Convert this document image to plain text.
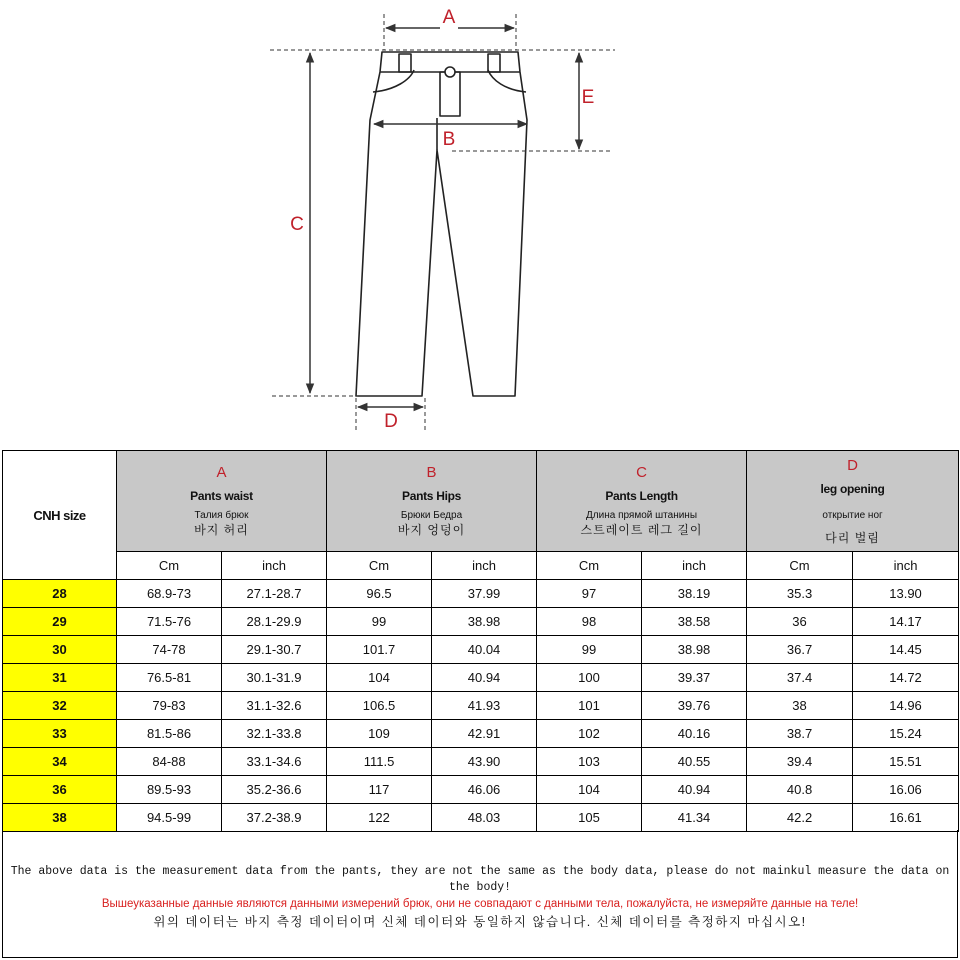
A
B
C
D
E
CNH size	A
Pants waist
Талия брюк
바지 허리		B
Pants Hips
Брюки Бедра
바지 엉덩이		C
Pants Length
Длина прямой штанины
스트레이트 레그 길이		D
leg opening
открытие ног
다리 벌림	

	Cm	inch	Cm	inch	Cm	inch	Cm	inch
28	68.9-73	27.1-28.7	96.5	37.99	97	38.19	35.3	13.90
29	71.5-76	28.1-29.9	99	38.98	98	38.58	36	14.17
30	74-78	29.1-30.7	101.7	40.04	99	38.98	36.7	14.45
31	76.5-81	30.1-31.9	104	40.94	100	39.37	37.4	14.72
32	79-83	31.1-32.6	106.5	41.93	101	39.76	38	14.96
33	81.5-86	32.1-33.8	109	42.91	102	40.16	38.7	15.24
34	84-88	33.1-34.6	111.5	43.90	103	40.55	39.4	15.51
36	89.5-93	35.2-36.6	117	46.06	104	40.94	40.8	16.06
38	94.5-99	37.2-38.9	122	48.03	105	41.34	42.2	16.61
The above data is the measurement data from the pants, they are not the same as the body data, please do not mainkul measure the data on the body!
Вышеуказанные данные являются данными измерений брюк, они не совпадают с данными тела, пожалуйста, не измеряйте данные на теле!
위의 데이터는 바지 측정 데이터이며 신체 데이터와 동일하지 않습니다. 신체 데이터를 측정하지 마십시오!
